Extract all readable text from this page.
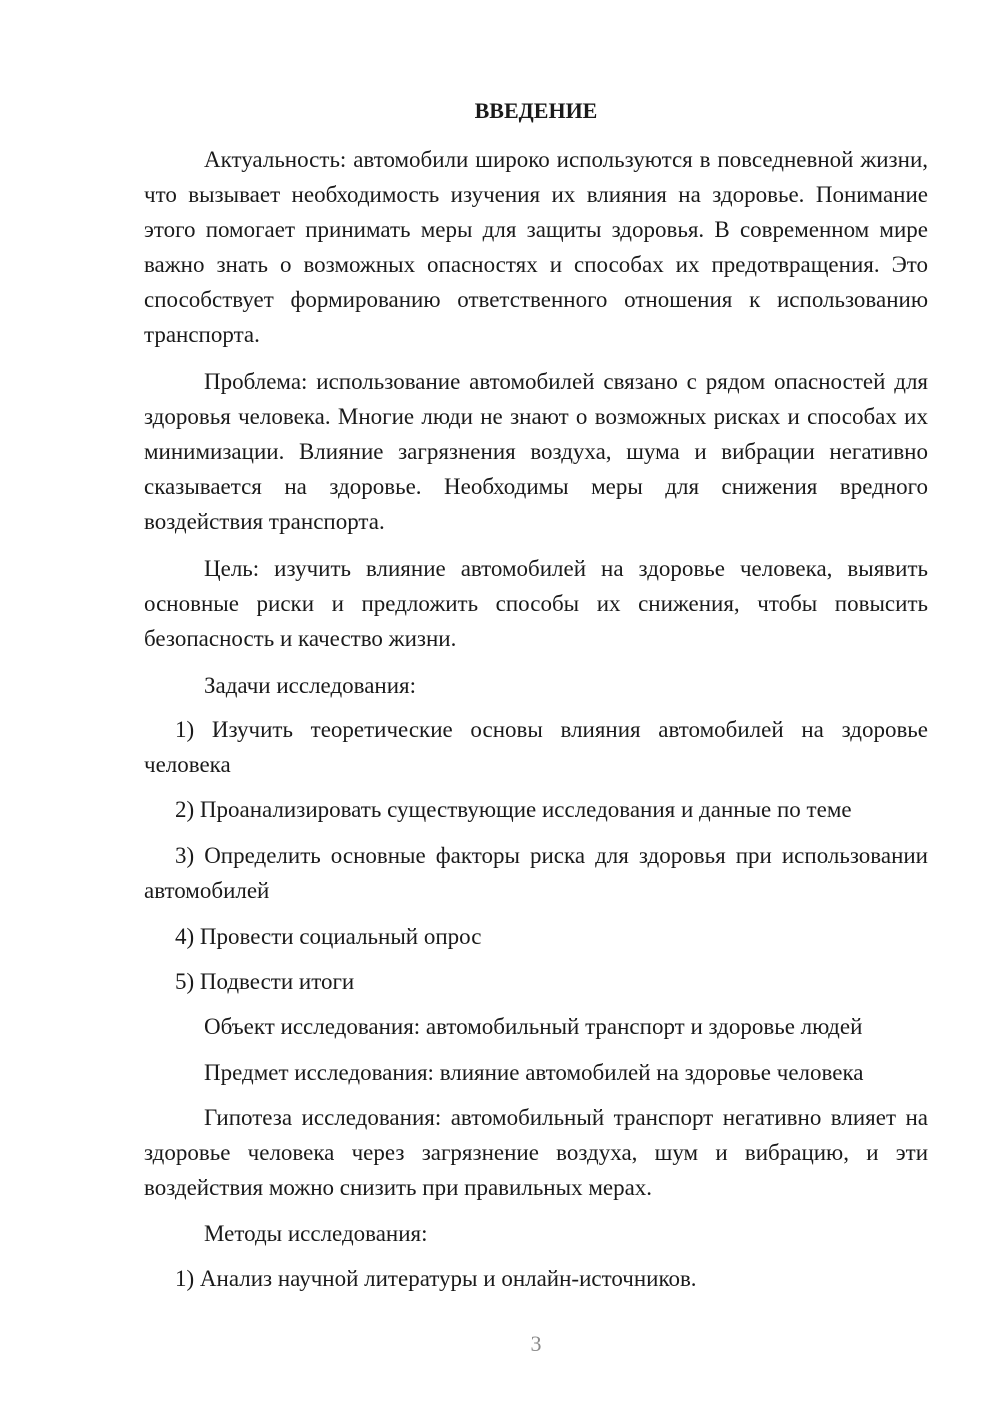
ВВЕДЕНИЕ

Актуальность: автомобили широко используются в повседневной жизни, что вызывает необходимость изучения их влияния на здоровье. Понимание этого помогает принимать меры для защиты здоровья. В современном мире важно знать о возможных опасностях и способах их предотвращения. Это способствует формированию ответственного отношения к использованию транспорта.

Проблема: использование автомобилей связано с рядом опасностей для здоровья человека. Многие люди не знают о возможных рисках и способах их минимизации. Влияние загрязнения воздуха, шума и вибрации негативно сказывается на здоровье. Необходимы меры для снижения вредного воздействия транспорта.

Цель: изучить влияние автомобилей на здоровье человека, выявить основные риски и предложить способы их снижения, чтобы повысить безопасность и качество жизни.

Задачи исследования:

1) Изучить теоретические основы влияния автомобилей на здоровье человека

2) Проанализировать существующие исследования и данные по теме

3) Определить основные факторы риска для здоровья при использовании автомобилей

4) Провести социальный опрос

5) Подвести итоги

Объект исследования: автомобильный транспорт и здоровье людей

Предмет исследования: влияние автомобилей на здоровье человека

Гипотеза исследования: автомобильный транспорт негативно влияет на здоровье человека через загрязнение воздуха, шум и вибрацию, и эти воздействия можно снизить при правильных мерах.

Методы исследования:

1) Анализ научной литературы и онлайн-источников.

3
